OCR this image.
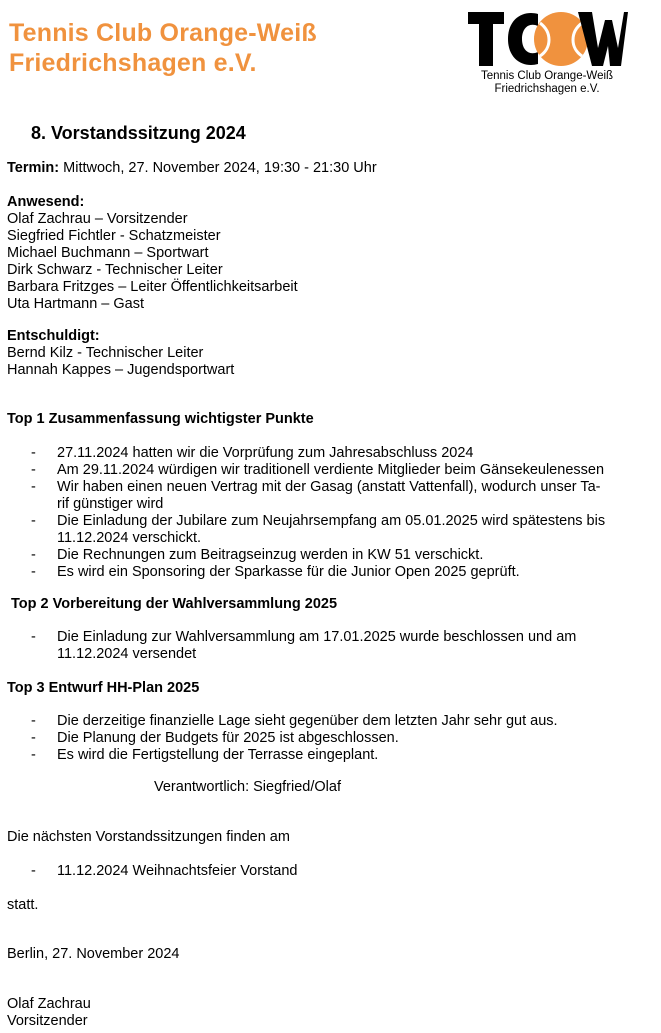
Tennis Club Orange-Weiß
Friedrichshagen e.V.	Tennis Club Orange-Weiß
Friedrichshagen e.V.
8. Vorstandssitzung 2024
Termin: Mittwoch, 27. November 2024, 19:30 - 21:30 Uhr
Anwesend:
Olaf Zachrau – Vorsitzender
Siegfried Fichtler - Schatzmeister
Michael Buchmann – Sportwart
Dirk Schwarz - Technischer Leiter
Barbara Fritzges – Leiter Öffentlichkeitsarbeit
Uta Hartmann – Gast
Entschuldigt:
Bernd Kilz - Technischer Leiter
Hannah Kappes – Jugendsportwart
Top 1 Zusammenfassung wichtigster Punkte
- 27.11.2024 hatten wir die Vorprüfung zum Jahresabschluss 2024
- Am 29.11.2024 würdigen wir traditionell verdiente Mitglieder beim Gänsekeulenessen
- Wir haben einen neuen Vertrag mit der Gasag (anstatt Vattenfall), wodurch unser Ta-
rif günstiger wird
- Die Einladung der Jubilare zum Neujahrsempfang am 05.01.2025 wird spätestens bis
11.12.2024 verschickt.
- Die Rechnungen zum Beitragseinzug werden in KW 51 verschickt.
- Es wird ein Sponsoring der Sparkasse für die Junior Open 2025 geprüft.
Top 2 Vorbereitung der Wahlversammlung 2025
- Die Einladung zur Wahlversammlung am 17.01.2025 wurde beschlossen und am
11.12.2024 versendet
Top 3 Entwurf HH-Plan 2025
- Die derzeitige finanzielle Lage sieht gegenüber dem letzten Jahr sehr gut aus.
- Die Planung der Budgets für 2025 ist abgeschlossen.
- Es wird die Fertigstellung der Terrasse eingeplant.
Verantwortlich: Siegfried/Olaf
Die nächsten Vorstandssitzungen finden am
- 11.12.2024 Weihnachtsfeier Vorstand
statt.
Berlin, 27. November 2024
Olaf Zachrau
Vorsitzender
